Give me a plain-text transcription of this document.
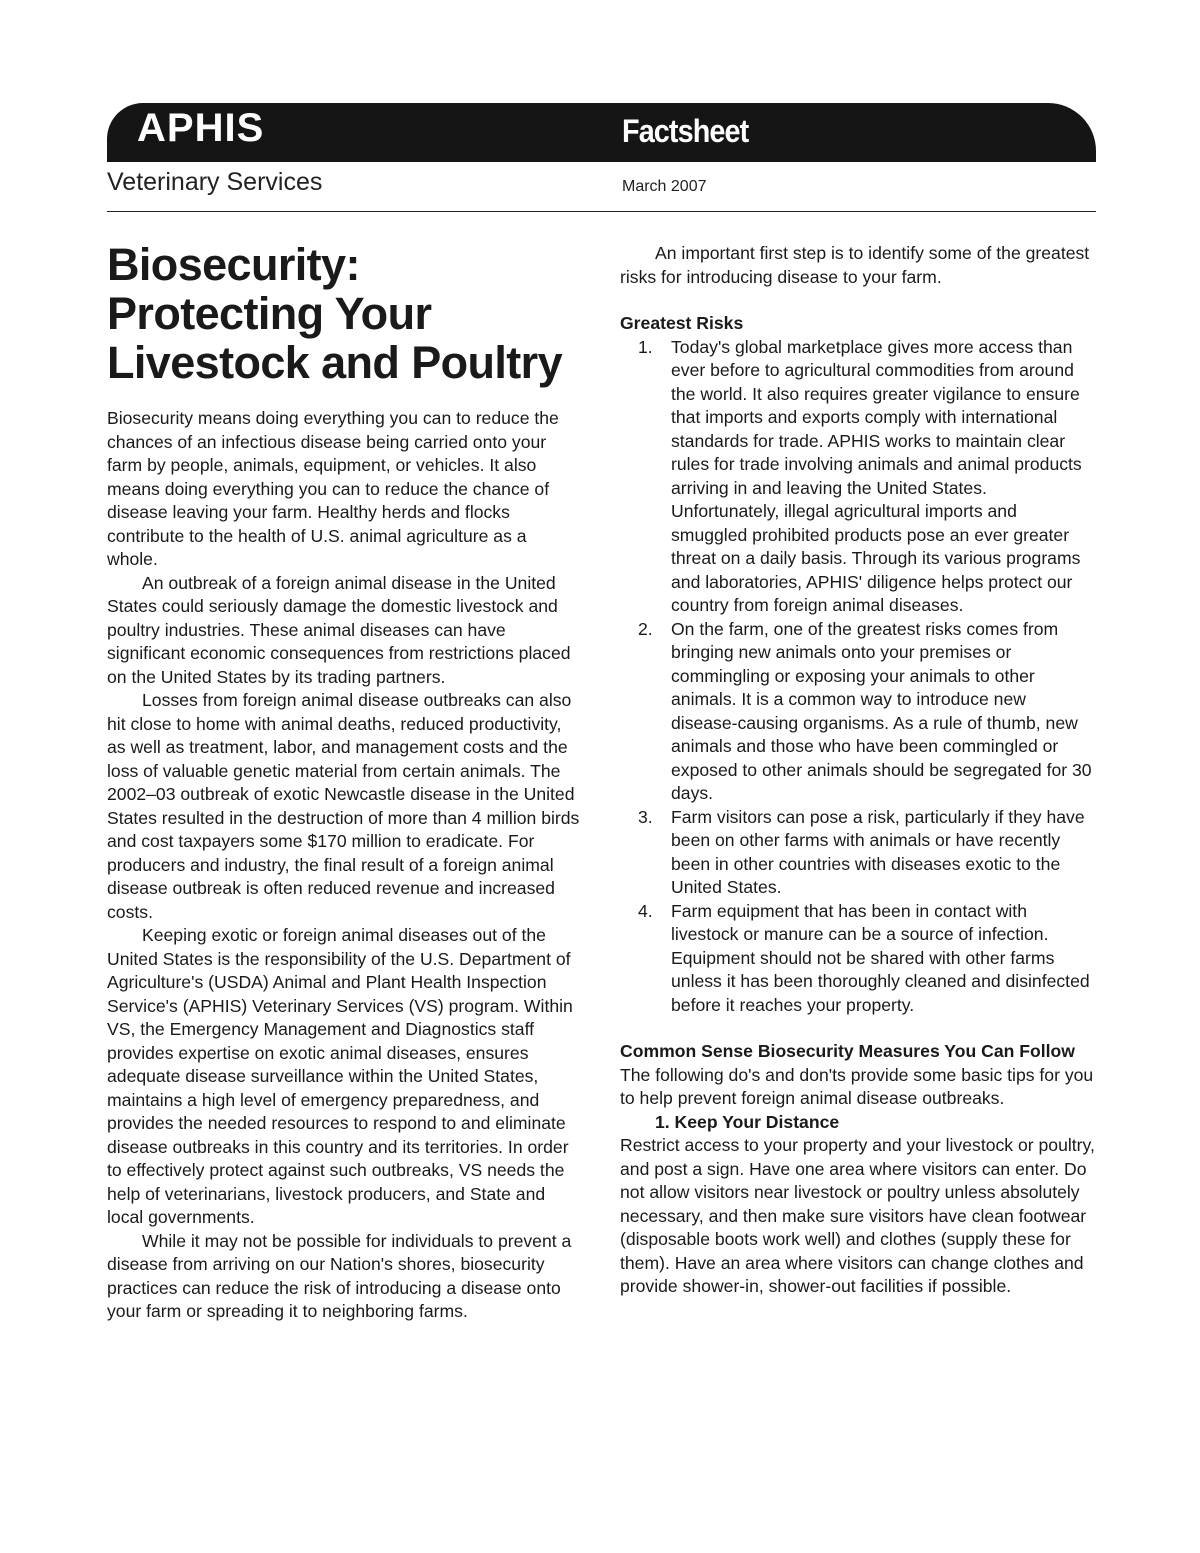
APHIS	Factsheet
Veterinary Services	March 2007
Biosecurity:
Protecting Your
Livestock and Poultry

Biosecurity means doing everything you can to reduce the chances of an infectious disease being carried onto your farm by people, animals, equipment, or vehicles. It also means doing everything you can to reduce the chance of disease leaving your farm. Healthy herds and flocks contribute to the health of U.S. animal agriculture as a whole.

An outbreak of a foreign animal disease in the United States could seriously damage the domestic livestock and poultry industries. These animal diseases can have significant economic consequences from restrictions placed on the United States by its trading partners.

Losses from foreign animal disease outbreaks can also hit close to home with animal deaths, reduced productivity, as well as treatment, labor, and management costs and the loss of valuable genetic material from certain animals. The 2002–03 outbreak of exotic Newcastle disease in the United States resulted in the destruction of more than 4 million birds and cost taxpayers some $170 million to eradicate. For producers and industry, the final result of a foreign animal disease outbreak is often reduced revenue and increased costs.

Keeping exotic or foreign animal diseases out of the United States is the responsibility of the U.S. Department of Agriculture's (USDA) Animal and Plant Health Inspection Service's (APHIS) Veterinary Services (VS) program. Within VS, the Emergency Management and Diagnostics staff provides expertise on exotic animal diseases, ensures adequate disease surveillance within the United States, maintains a high level of emergency preparedness, and provides the needed resources to respond to and eliminate disease outbreaks in this country and its territories. In order to effectively protect against such outbreaks, VS needs the help of veterinarians, livestock producers, and State and local governments.

While it may not be possible for individuals to prevent a disease from arriving on our Nation's shores, biosecurity practices can reduce the risk of introducing a disease onto your farm or spreading it to neighboring farms.

An important first step is to identify some of the greatest risks for introducing disease to your farm.

Greatest Risks
1. Today's global marketplace gives more access than ever before to agricultural commodities from around the world. It also requires greater vigilance to ensure that imports and exports comply with international standards for trade. APHIS works to maintain clear rules for trade involving animals and animal products arriving in and leaving the United States. Unfortunately, illegal agricultural imports and smuggled prohibited products pose an ever greater threat on a daily basis. Through its various programs and laboratories, APHIS' diligence helps protect our country from foreign animal diseases.
2. On the farm, one of the greatest risks comes from bringing new animals onto your premises or commingling or exposing your animals to other animals. It is a common way to introduce new disease-causing organisms. As a rule of thumb, new animals and those who have been commingled or exposed to other animals should be segregated for 30 days.
3. Farm visitors can pose a risk, particularly if they have been on other farms with animals or have recently been in other countries with diseases exotic to the United States.
4. Farm equipment that has been in contact with livestock or manure can be a source of infection. Equipment should not be shared with other farms unless it has been thoroughly cleaned and disinfected before it reaches your property.
Common Sense Biosecurity Measures You Can Follow

The following do's and don'ts provide some basic tips for you to help prevent foreign animal disease outbreaks.

1. Keep Your Distance

Restrict access to your property and your livestock or poultry, and post a sign. Have one area where visitors can enter. Do not allow visitors near livestock or poultry unless absolutely necessary, and then make sure visitors have clean footwear (disposable boots work well) and clothes (supply these for them). Have an area where visitors can change clothes and provide shower-in, shower-out facilities if possible.
